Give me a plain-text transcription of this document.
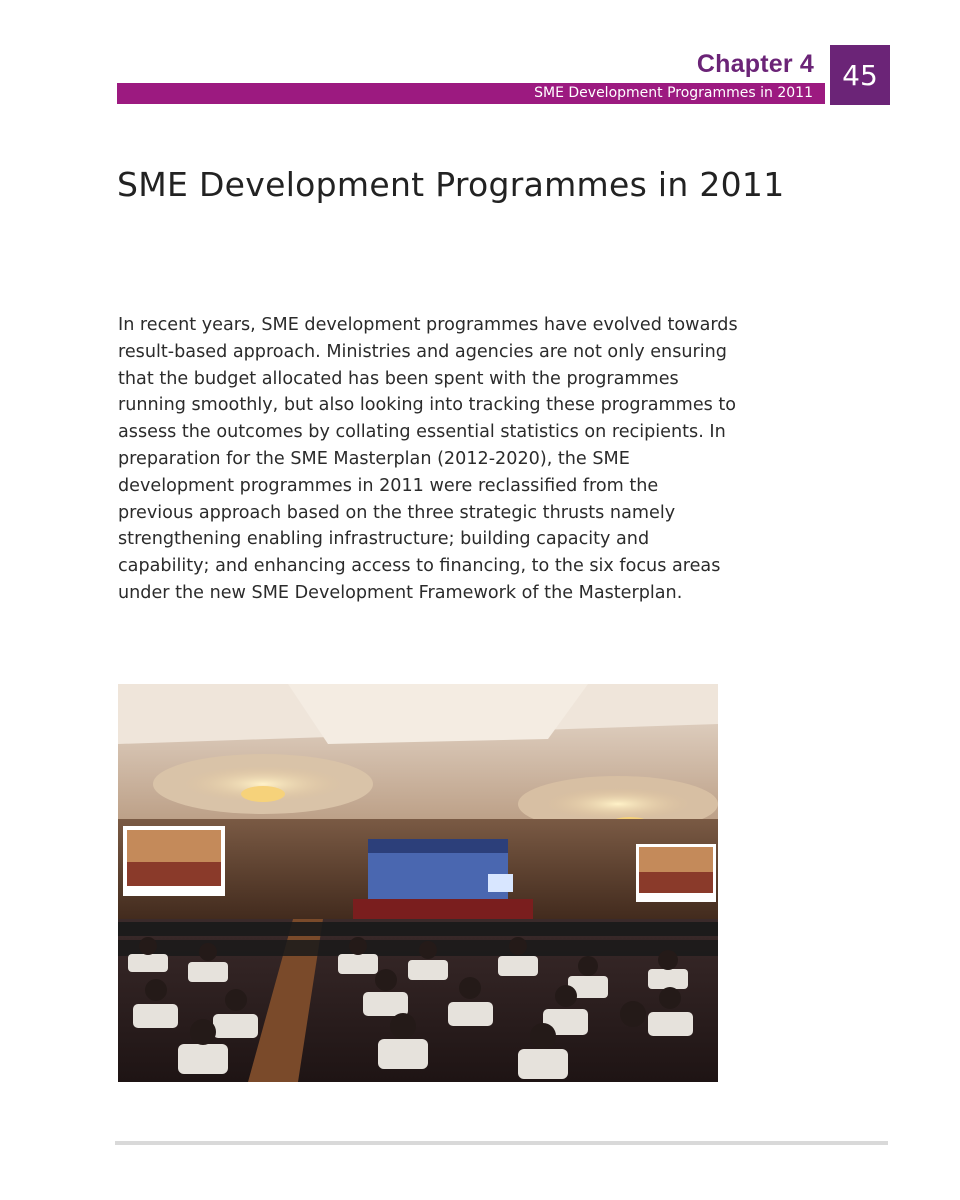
Chapter 4
SME Development Programmes in 2011
45
SME Development Programmes in 2011

In recent years, SME development programmes have evolved towards result-based approach. Ministries and agencies are not only ensuring that the budget allocated has been spent with the programmes running smoothly, but also looking into tracking these programmes to assess the outcomes by collating essential statistics on recipients. In preparation for the SME Masterplan (2012-2020), the SME development programmes in 2011 were reclassified from the previous approach based on the three strategic thrusts namely strengthening enabling infrastructure; building capacity and capability; and enhancing access to financing, to the six focus areas under the new SME Development Framework of the Masterplan.
